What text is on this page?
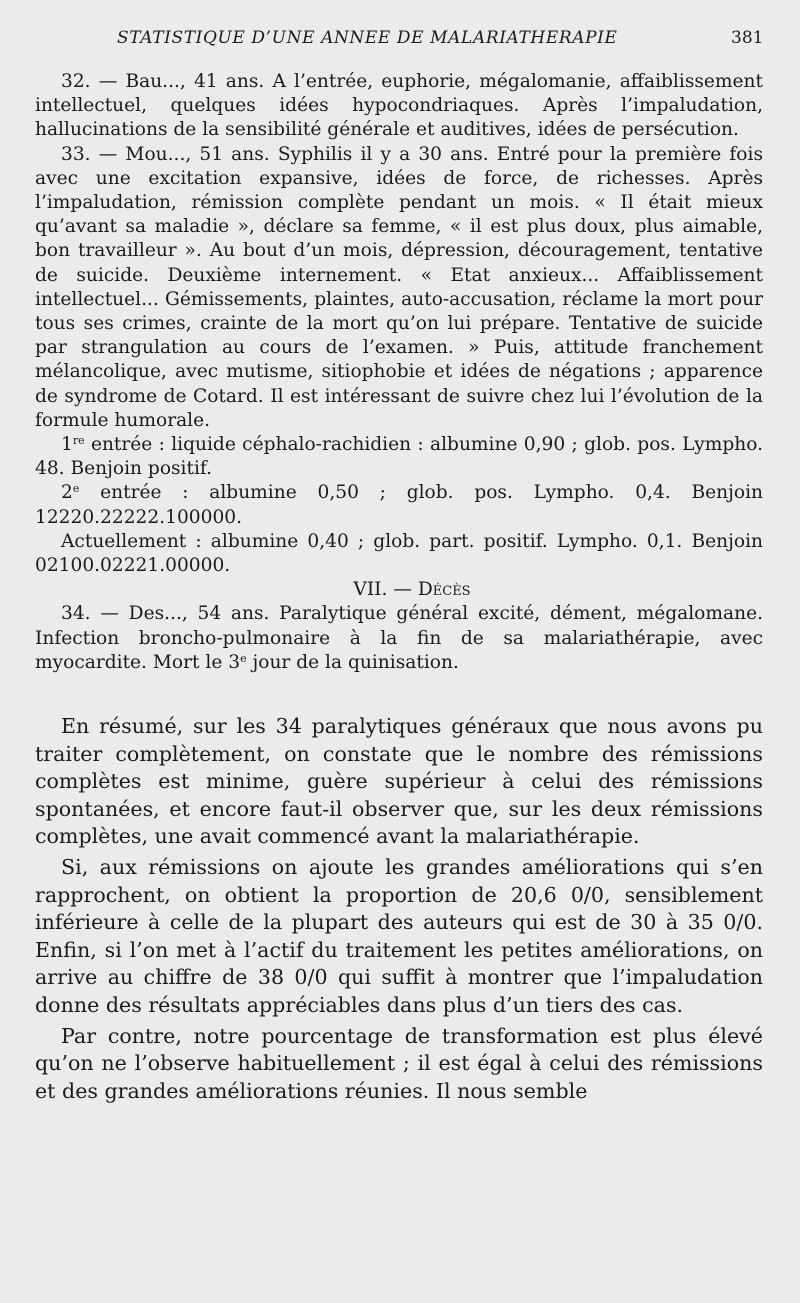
STATISTIQUE D’UNE ANNEE DE MALARIATHERAPIE	381

32. — Bau..., 41 ans. A l’entrée, euphorie, mégalomanie, affaiblissement intellectuel, quelques idées hypocondriaques. Après l’impaludation, hallucinations de la sensibilité générale et auditives, idées de persécution.

33. — Mou..., 51 ans. Syphilis il y a 30 ans. Entré pour la première fois avec une excitation expansive, idées de force, de richesses. Après l’impaludation, rémission complète pendant un mois. « Il était mieux qu’avant sa maladie », déclare sa femme, « il est plus doux, plus aimable, bon travailleur ». Au bout d’un mois, dépression, découragement, tentative de suicide. Deuxième internement. « Etat anxieux... Affaiblissement intellectuel... Gémissements, plaintes, auto-accusation, réclame la mort pour tous ses crimes, crainte de la mort qu’on lui prépare. Tentative de suicide par strangulation au cours de l’examen. » Puis, attitude franchement mélancolique, avec mutisme, sitiophobie et idées de négations ; apparence de syndrome de Cotard. Il est intéressant de suivre chez lui l’évolution de la formule humorale.

1re entrée : liquide céphalo-rachidien : albumine 0,90 ; glob. pos. Lympho. 48. Benjoin positif.

2e entrée : albumine 0,50 ; glob. pos. Lympho. 0,4. Benjoin 12220.22222.100000.

Actuellement : albumine 0,40 ; glob. part. positif. Lympho. 0,1. Benjoin 02100.02221.00000.

VII. — Décès

34. — Des..., 54 ans. Paralytique général excité, dément, mégalomane. Infection broncho-pulmonaire à la fin de sa malariathérapie, avec myocardite. Mort le 3e jour de la quinisation.

En résumé, sur les 34 paralytiques généraux que nous avons pu traiter complètement, on constate que le nombre des rémissions complètes est minime, guère supérieur à celui des rémissions spontanées, et encore faut-il observer que, sur les deux rémissions complètes, une avait commencé avant la malariathérapie.

Si, aux rémissions on ajoute les grandes améliorations qui s’en rapprochent, on obtient la proportion de 20,6 0/0, sensiblement inférieure à celle de la plupart des auteurs qui est de 30 à 35 0/0. Enfin, si l’on met à l’actif du traitement les petites améliorations, on arrive au chiffre de 38 0/0 qui suffit à montrer que l’impaludation donne des résultats appréciables dans plus d’un tiers des cas.

Par contre, notre pourcentage de transformation est plus élevé qu’on ne l’observe habituellement ; il est égal à celui des rémissions et des grandes améliorations réunies. Il nous semble
